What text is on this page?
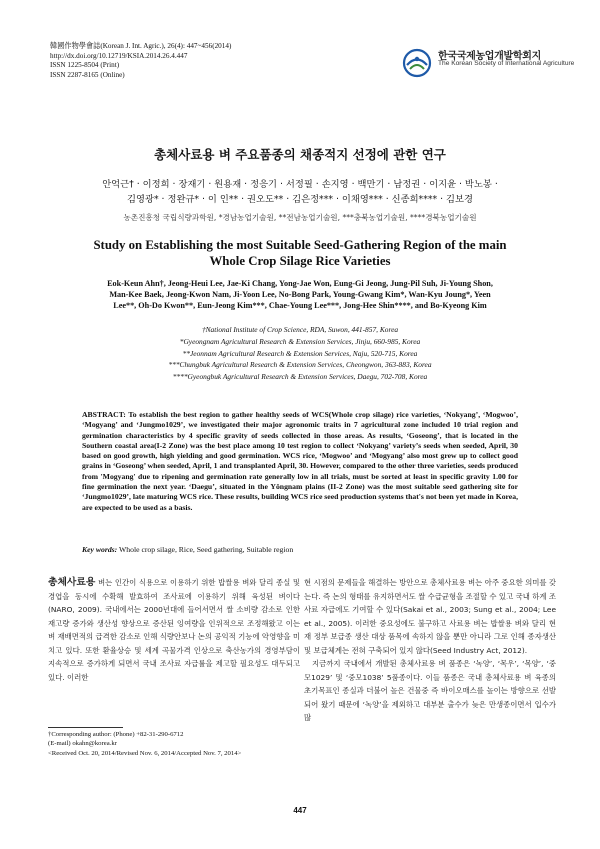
韓國作物學會誌(Korean J. Int. Agric.), 26(4): 447~456(2014)
http://dx.doi.org/10.12719/KSIA.2014.26.4.447
ISSN 1225-8504 (Print)
ISSN 2287-8165 (Online)
한국국제농업개발학회지
The Korean Society of International Agriculture
총체사료용 벼 주요품종의 채종적지 선정에 관한 연구
안억근† · 이정희 · 장재기 · 원용재 · 정응기 · 서정필 · 손지영 · 백만기 · 남정권 · 이지윤 · 박노봉 ·
김영광* · 정완규* · 이 인** · 권오도** · 김은정*** · 이채영*** · 신종희**** · 김보경
농촌진흥청 국립식량과학원, *경남농업기술원, **전남농업기술원, ***충북농업기술원, ****경북농업기술원
Study on Establishing the most Suitable Seed-Gathering Region of the main
Whole Crop Silage Rice Varieties
Eok-Keun Ahn†, Jeong-Heui Lee, Jae-Ki Chang, Yong-Jae Won, Eung-Gi Jeong, Jung-Pil Suh, Ji-Young Shon,
Man-Kee Baek, Jeong-Kwon Nam, Ji-Yoon Lee, No-Bong Park, Young-Gwang Kim*, Wan-Kyu Joung*, Yeen
Lee**, Oh-Do Kwon**, Eun-Jeong Kim***, Chae-Young Lee***, Jong-Hee Shin****, and Bo-Kyeong Kim
†National Institute of Crop Science, RDA, Suwon, 441-857, Korea
*Gyeongnam Agricultural Research & Extension Services, Jinju, 660-985, Korea
**Jeonnam Agricultural Research & Extension Services, Naju, 520-715, Korea
***Chungbuk Agricultural Research & Extension Services, Cheongwon, 363-883, Korea
****Gyeongbuk Agricultural Research & Extension Services, Daegu, 702-708, Korea
ABSTRACT: To establish the best region to gather healthy seeds of WCS(Whole crop silage) rice varieties, ‘Nokyang’, ‘Mogwoo’, ‘Mogyang’ and ‘Jungmo1029’, we investigated their major agronomic traits in 7 agricultural zone included 10 trial region and germination characteristics by 4 specific gravity of seeds collected in those areas. As results, ‘Goseong’, that is located in the Southern coastal area(I-2 Zone) was the best place among 10 test region to collect ‘Nokyang’ variety’s seeds when seeded, April, 30 based on good growth, high yielding and good germination. WCS rice, ‘Mogwoo’ and ‘Mogyang’ also most grew up to collect good grains in ‘Goseong’ when seeded, April, 1 and transplanted April, 30. However, compared to the other three varieties, seeds produced from 'Mogyang' due to ripening and germination rate generally low in all trials, must be sorted at least in specific gravity 1.00 for fine germination the next year. ‘Daegu’, situated in the Yŏngnam plains (II-2 Zone) was the most suitable seed gathering site for ‘Jungmo1029’, late maturing WCS rice. These results, building WCS rice seed production systems that's not been yet made in Korea, are expected to be used as a basis.
Key words: Whole crop silage, Rice, Seed gathering, Suitable region

총체사료용 벼는 인간이 식용으로 이용하기 위한 밥쌀용 벼와 달리 종실 및 경엽을 동시에 수확해 발효하여 조사료에 이용하기 위해 육성된 벼이다(NARO, 2009). 국내에서는 2000년대에 들어서면서 쌀 소비량 감소로 인한 재고량 증가와 생산성 향상으로 증산된 잉여량을 인위적으로 조정해왔고 이는 벼 재배면적의 급격한 감소로 인해 식량안보나 논의 공익적 기능에 악영향을 미치고 있다. 또한 환율상승 및 세계 곡물가격 인상으로 축산농가의 경영부담이 지속적으로 증가하게 되면서 국내 조사료 자급률을 제고할 필요성도 대두되고 있다. 이러한

현 시점의 문제들을 해결하는 방안으로 총체사료용 벼는 아주 중요한 의미를 갖는다. 즉 논의 형태를 유지하면서도 쌀 수급균형을 조절할 수 있고 국내 하계 조사료 자급에도 기여할 수 있다(Sakai et al., 2003; Sung et al., 2004; Lee et al., 2005). 이러한 중요성에도 불구하고 사료용 벼는 밥쌀용 벼와 달리 현재 정부 보급종 생산 대상 품목에 속하지 않을 뿐만 아니라 그로 인해 종자생산 및 보급체계는 전혀 구축되어 있지 않다(Seed Industry Act, 2012).

지금까지 국내에서 개발된 총체사료용 벼 품종은 ‘녹양’, ‘목우’, ‘목양’, ‘중모1029’ 및 ‘중모1038’ 5품종이다. 이들 품종은 국내 총체사료용 벼 육종의 초기목표인 종실과 더불어 높은 건물중 즉 바이오매스를 높이는 방향으로 선발되어 왔기 때문에 ‘녹양’을 제외하고 대부분 출수가 늦은 만생종이면서 입수가 많

†Corresponding author: (Phone) +82-31-290-6712
(E-mail) okahn@korea.kr
<Received Oct. 20, 2014/Revised Nov. 6, 2014/Accepted Nov. 7, 2014>
447
